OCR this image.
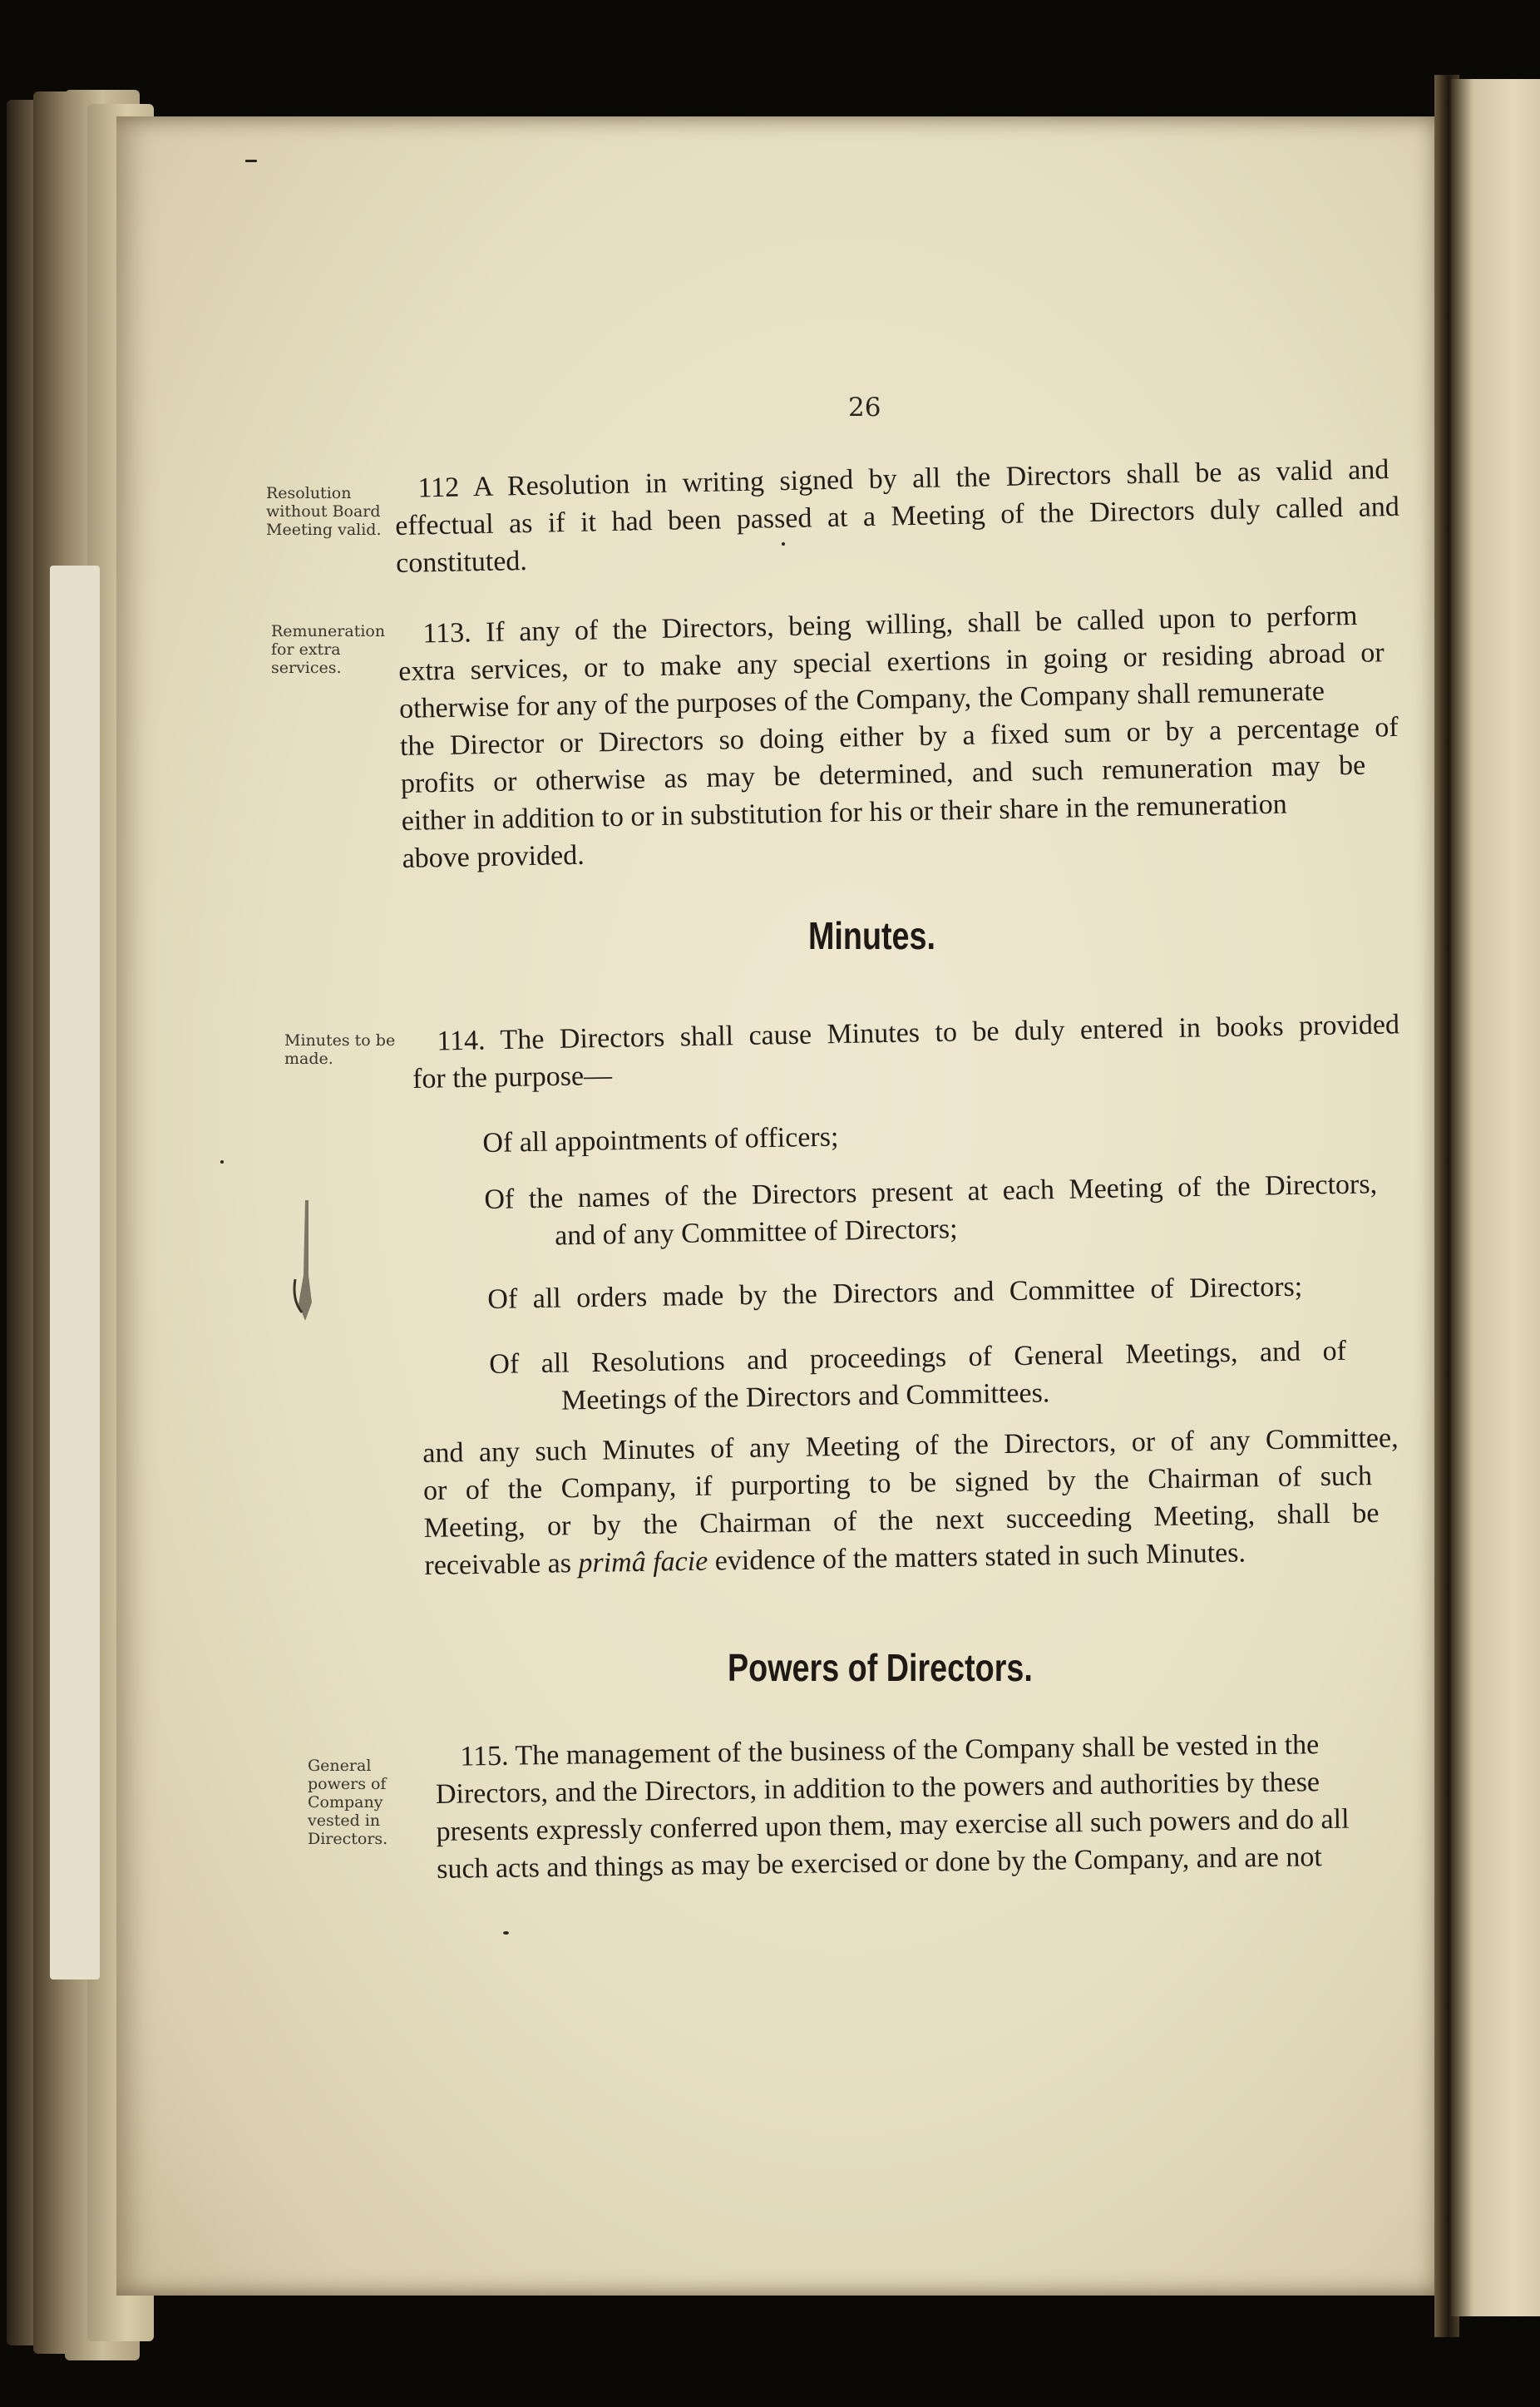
26
Resolution
without Board
Meeting valid.
Remuneration
for extra
services.
Minutes to be
made.
General
powers of
Company
vested in
Directors.
112 A Resolution in writing signed by all the Directors shall be as valid and
effectual as if it had been passed at a Meeting of the Directors duly called and
constituted.
113. If any of the Directors, being willing, shall be called upon to perform
extra services, or to make any special exertions in going or residing abroad or
otherwise for any of the purposes of the Company, the Company shall remunerate
the Director or Directors so doing either by a fixed sum or by a percentage of
profits or otherwise as may be determined, and such remuneration may be
either in addition to or in substitution for his or their share in the remuneration
above provided.
Minutes.
114. The Directors shall cause Minutes to be duly entered in books provided
for the purpose—
Of all appointments of officers;
Of the names of the Directors present at each Meeting of the Directors,
and of any Committee of Directors;
Of all orders made by the Directors and Committee of Directors;
Of all Resolutions and proceedings of General Meetings, and of
Meetings of the Directors and Committees.
and any such Minutes of any Meeting of the Directors, or of any Committee,
or of the Company, if purporting to be signed by the Chairman of such
Meeting, or by the Chairman of the next succeeding Meeting, shall be
receivable as primâ facie evidence of the matters stated in such Minutes.
Powers of Directors.
115. The management of the business of the Company shall be vested in the
Directors, and the Directors, in addition to the powers and authorities by these
presents expressly conferred upon them, may exercise all such powers and do all
such acts and things as may be exercised or done by the Company, and are not
